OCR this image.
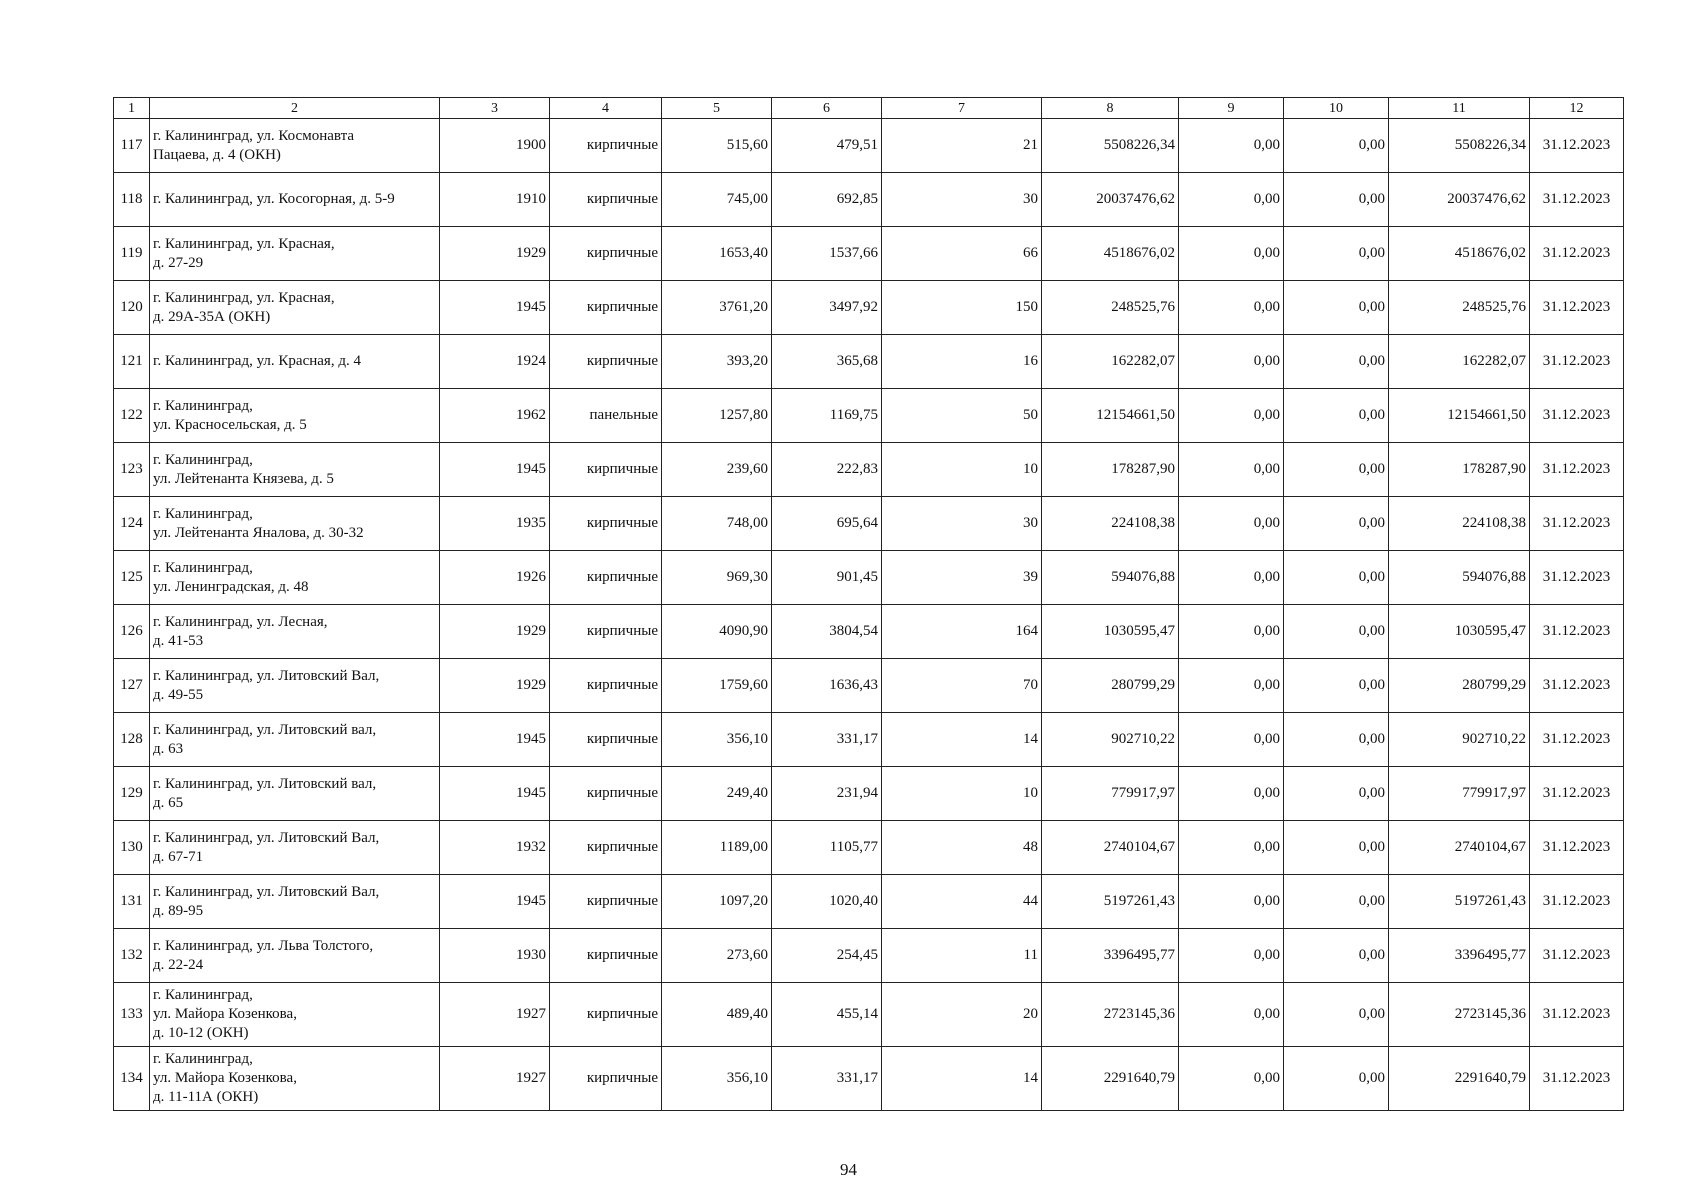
1	2	3	4	5	6	7	8	9	10	11	12
117	г. Калининград, ул. Космонавта
Пацаева, д. 4 (ОКН)	1900	кирпичные	515,60	479,51	21	5508226,34	0,00	0,00	5508226,34	31.12.2023
118	г. Калининград, ул. Косогорная, д. 5-9	1910	кирпичные	745,00	692,85	30	20037476,62	0,00	0,00	20037476,62	31.12.2023
119	г. Калининград, ул. Красная,
д. 27-29	1929	кирпичные	1653,40	1537,66	66	4518676,02	0,00	0,00	4518676,02	31.12.2023
120	г. Калининград, ул. Красная,
д. 29А-35А (ОКН)	1945	кирпичные	3761,20	3497,92	150	248525,76	0,00	0,00	248525,76	31.12.2023
121	г. Калининград, ул. Красная, д. 4	1924	кирпичные	393,20	365,68	16	162282,07	0,00	0,00	162282,07	31.12.2023
122	г. Калининград,
ул. Красносельская, д. 5	1962	панельные	1257,80	1169,75	50	12154661,50	0,00	0,00	12154661,50	31.12.2023
123	г. Калининград,
ул. Лейтенанта Князева, д. 5	1945	кирпичные	239,60	222,83	10	178287,90	0,00	0,00	178287,90	31.12.2023
124	г. Калининград,
ул. Лейтенанта Яналова, д. 30-32	1935	кирпичные	748,00	695,64	30	224108,38	0,00	0,00	224108,38	31.12.2023
125	г. Калининград,
ул. Ленинградская, д. 48	1926	кирпичные	969,30	901,45	39	594076,88	0,00	0,00	594076,88	31.12.2023
126	г. Калининград, ул. Лесная,
д. 41-53	1929	кирпичные	4090,90	3804,54	164	1030595,47	0,00	0,00	1030595,47	31.12.2023
127	г. Калининград, ул. Литовский Вал,
д. 49-55	1929	кирпичные	1759,60	1636,43	70	280799,29	0,00	0,00	280799,29	31.12.2023
128	г. Калининград, ул. Литовский вал,
д. 63	1945	кирпичные	356,10	331,17	14	902710,22	0,00	0,00	902710,22	31.12.2023
129	г. Калининград, ул. Литовский вал,
д. 65	1945	кирпичные	249,40	231,94	10	779917,97	0,00	0,00	779917,97	31.12.2023
130	г. Калининград, ул. Литовский Вал,
д. 67-71	1932	кирпичные	1189,00	1105,77	48	2740104,67	0,00	0,00	2740104,67	31.12.2023
131	г. Калининград, ул. Литовский Вал,
д. 89-95	1945	кирпичные	1097,20	1020,40	44	5197261,43	0,00	0,00	5197261,43	31.12.2023
132	г. Калининград, ул. Льва Толстого,
д. 22-24	1930	кирпичные	273,60	254,45	11	3396495,77	0,00	0,00	3396495,77	31.12.2023
133	г. Калининград,
ул. Майора Козенкова,
д. 10-12 (ОКН)	1927	кирпичные	489,40	455,14	20	2723145,36	0,00	0,00	2723145,36	31.12.2023
134	г. Калининград,
ул. Майора Козенкова,
д. 11-11А (ОКН)	1927	кирпичные	356,10	331,17	14	2291640,79	0,00	0,00	2291640,79	31.12.2023
94
